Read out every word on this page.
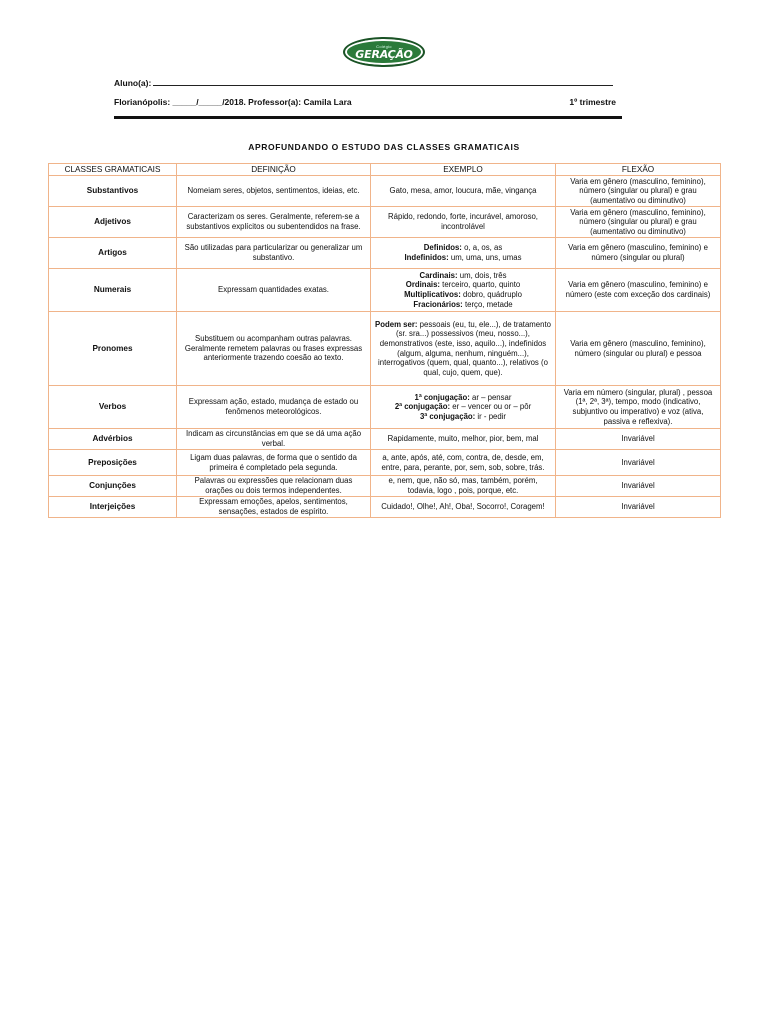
Colégio
GERAÇÃO
Aluno(a):
Florianópolis: _____/_____/2018. Professor(a): Camila Lara	1º trimestre
APROFUNDANDO O ESTUDO DAS CLASSES GRAMATICAIS
CLASSES GRAMATICAIS	DEFINIÇÃO	EXEMPLO	FLEXÃO
Substantivos	Nomeiam seres, objetos, sentimentos, ideias, etc.	Gato, mesa, amor, loucura, mãe, vingança	Varia em gênero (masculino, feminino), número (singular ou plural) e grau (aumentativo ou diminutivo)
Adjetivos	Caracterizam os seres. Geralmente, referem-se a substantivos explícitos ou subentendidos na frase.	Rápido, redondo, forte, incurável, amoroso, incontrolável	Varia em gênero (masculino, feminino), número (singular ou plural) e grau (aumentativo ou diminutivo)
Artigos	São utilizadas para particularizar ou generalizar um substantivo.	Definidos: o, a, os, as
Indefinidos: um, uma, uns, umas	Varia em gênero (masculino, feminino) e número (singular ou plural)
Numerais	Expressam quantidades exatas.	Cardinais: um, dois, três
Ordinais: terceiro, quarto, quinto
Multiplicativos: dobro, quádruplo
Fracionários: terço, metade	Varia em gênero (masculino, feminino) e número (este com exceção dos cardinais)
Pronomes	Substituem ou acompanham outras palavras. Geralmente remetem palavras ou frases expressas anteriormente trazendo coesão ao texto.	Podem ser: pessoais (eu, tu, ele...), de tratamento (sr. sra...) possessivos (meu, nosso...), demonstrativos (este, isso, aquilo...), indefinidos (algum, alguma, nenhum, ninguém...), interrogativos (quem, qual, quanto...), relativos (o qual, cujo, quem, que).	Varia em gênero (masculino, feminino), número (singular ou plural) e pessoa
Verbos	Expressam ação, estado, mudança de estado ou fenômenos meteorológicos.	1ª conjugação: ar – pensar
2ª conjugação: er – vencer ou or – pôr
3ª conjugação: ir - pedir	Varia em número (singular, plural) , pessoa (1ª, 2ª, 3ª), tempo, modo (indicativo, subjuntivo ou imperativo) e voz (ativa, passiva e reflexiva).
Advérbios	Indicam as circunstâncias em que se dá uma ação verbal.	Rapidamente, muito, melhor, pior, bem, mal	Invariável
Preposições	Ligam duas palavras, de forma que o sentido da primeira é completado pela segunda.	a, ante, após, até, com, contra, de, desde, em, entre, para, perante, por, sem, sob, sobre, trás.	Invariável
Conjunções	Palavras ou expressões que relacionam duas orações ou dois termos independentes.	e, nem, que, não só, mas, também, porém, todavia, logo , pois, porque, etc.	Invariável
Interjeições	Expressam emoções, apelos, sentimentos, sensações, estados de espírito.	Cuidado!, Olhe!, Ah!, Oba!, Socorro!, Coragem!	Invariável
